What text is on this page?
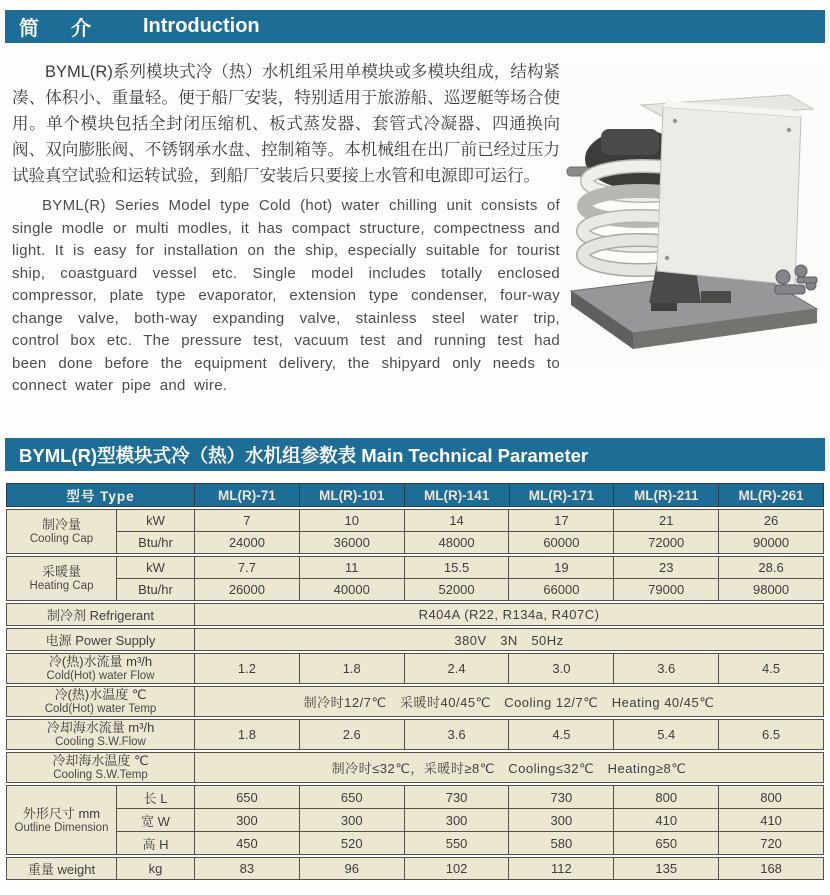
简　介 Introduction

BYML(R)系列模块式冷（热）水机组采用单模块或多模块组成，结构紧凑、体积小、重量轻。便于船厂安装，特别适用于旅游船、巡逻艇等场合使用。单个模块包括全封闭压缩机、板式蒸发器、套管式冷凝器、四通换向阀、双向膨胀阀、不锈钢承水盘、控制箱等。本机械组在出厂前已经过压力试验真空试验和运转试验，到船厂安装后只要接上水管和电源即可运行。

BYML(R) Series Model type Cold (hot) water chilling unit consists of single modle or multi modles, it has compact structure, compectness and light. It is easy for installation on the ship, especially suitable for tourist ship, coastguard vessel etc. Single model includes totally enclosed compressor, plate type evaporator, extension type condenser, four-way change valve, both-way expanding valve, stainless steel water trip, control box etc. The pressure test, vacuum test and running test had been done before the equipment delivery, the shipyard only needs to connect water pipe and wire.

BYML(R)型模块式冷（热）水机组参数表 Main Technical Parameter
型号 Type	ML(R)-71	ML(R)-101	ML(R)-141	ML(R)-171	ML(R)-211	ML(R)-261
制冷量
Cooling Cap	kW	7	10	14	17	21	26
	Btu/hr	24000	36000	48000	60000	72000	90000
采暖量
Heating Cap	kW	7.7	11	15.5	19	23	28.6
	Btu/hr	26000	40000	52000	66000	79000	98000
制冷剂 Refrigerant	R404A (R22, R134a, R407C)
电源 Power Supply	380V　3N　50Hz
冷(热)水流量 m³/h
Cold(Hot) water Flow	1.2	1.8	2.4	3.0	3.6	4.5
冷(热)水温度 ℃
Cold(Hot) water Temp	制冷时12/7℃　采暖时40/45℃　Cooling 12/7℃　Heating 40/45℃
冷却海水流量 m³/h
Cooling S.W.Flow	1.8	2.6	3.6	4.5	5.4	6.5
冷却海水温度 ℃
Cooling S.W.Temp	制冷时≤32℃，采暖时≥8℃　Cooling≤32℃　Heating≥8℃
外形尺寸 mm
Outline Dimension	长 L	650	650	730	730	800	800
	宽 W	300	300	300	300	410	410
	高 H	450	520	550	580	650	720
重量 weight	kg	83	96	102	112	135	168
